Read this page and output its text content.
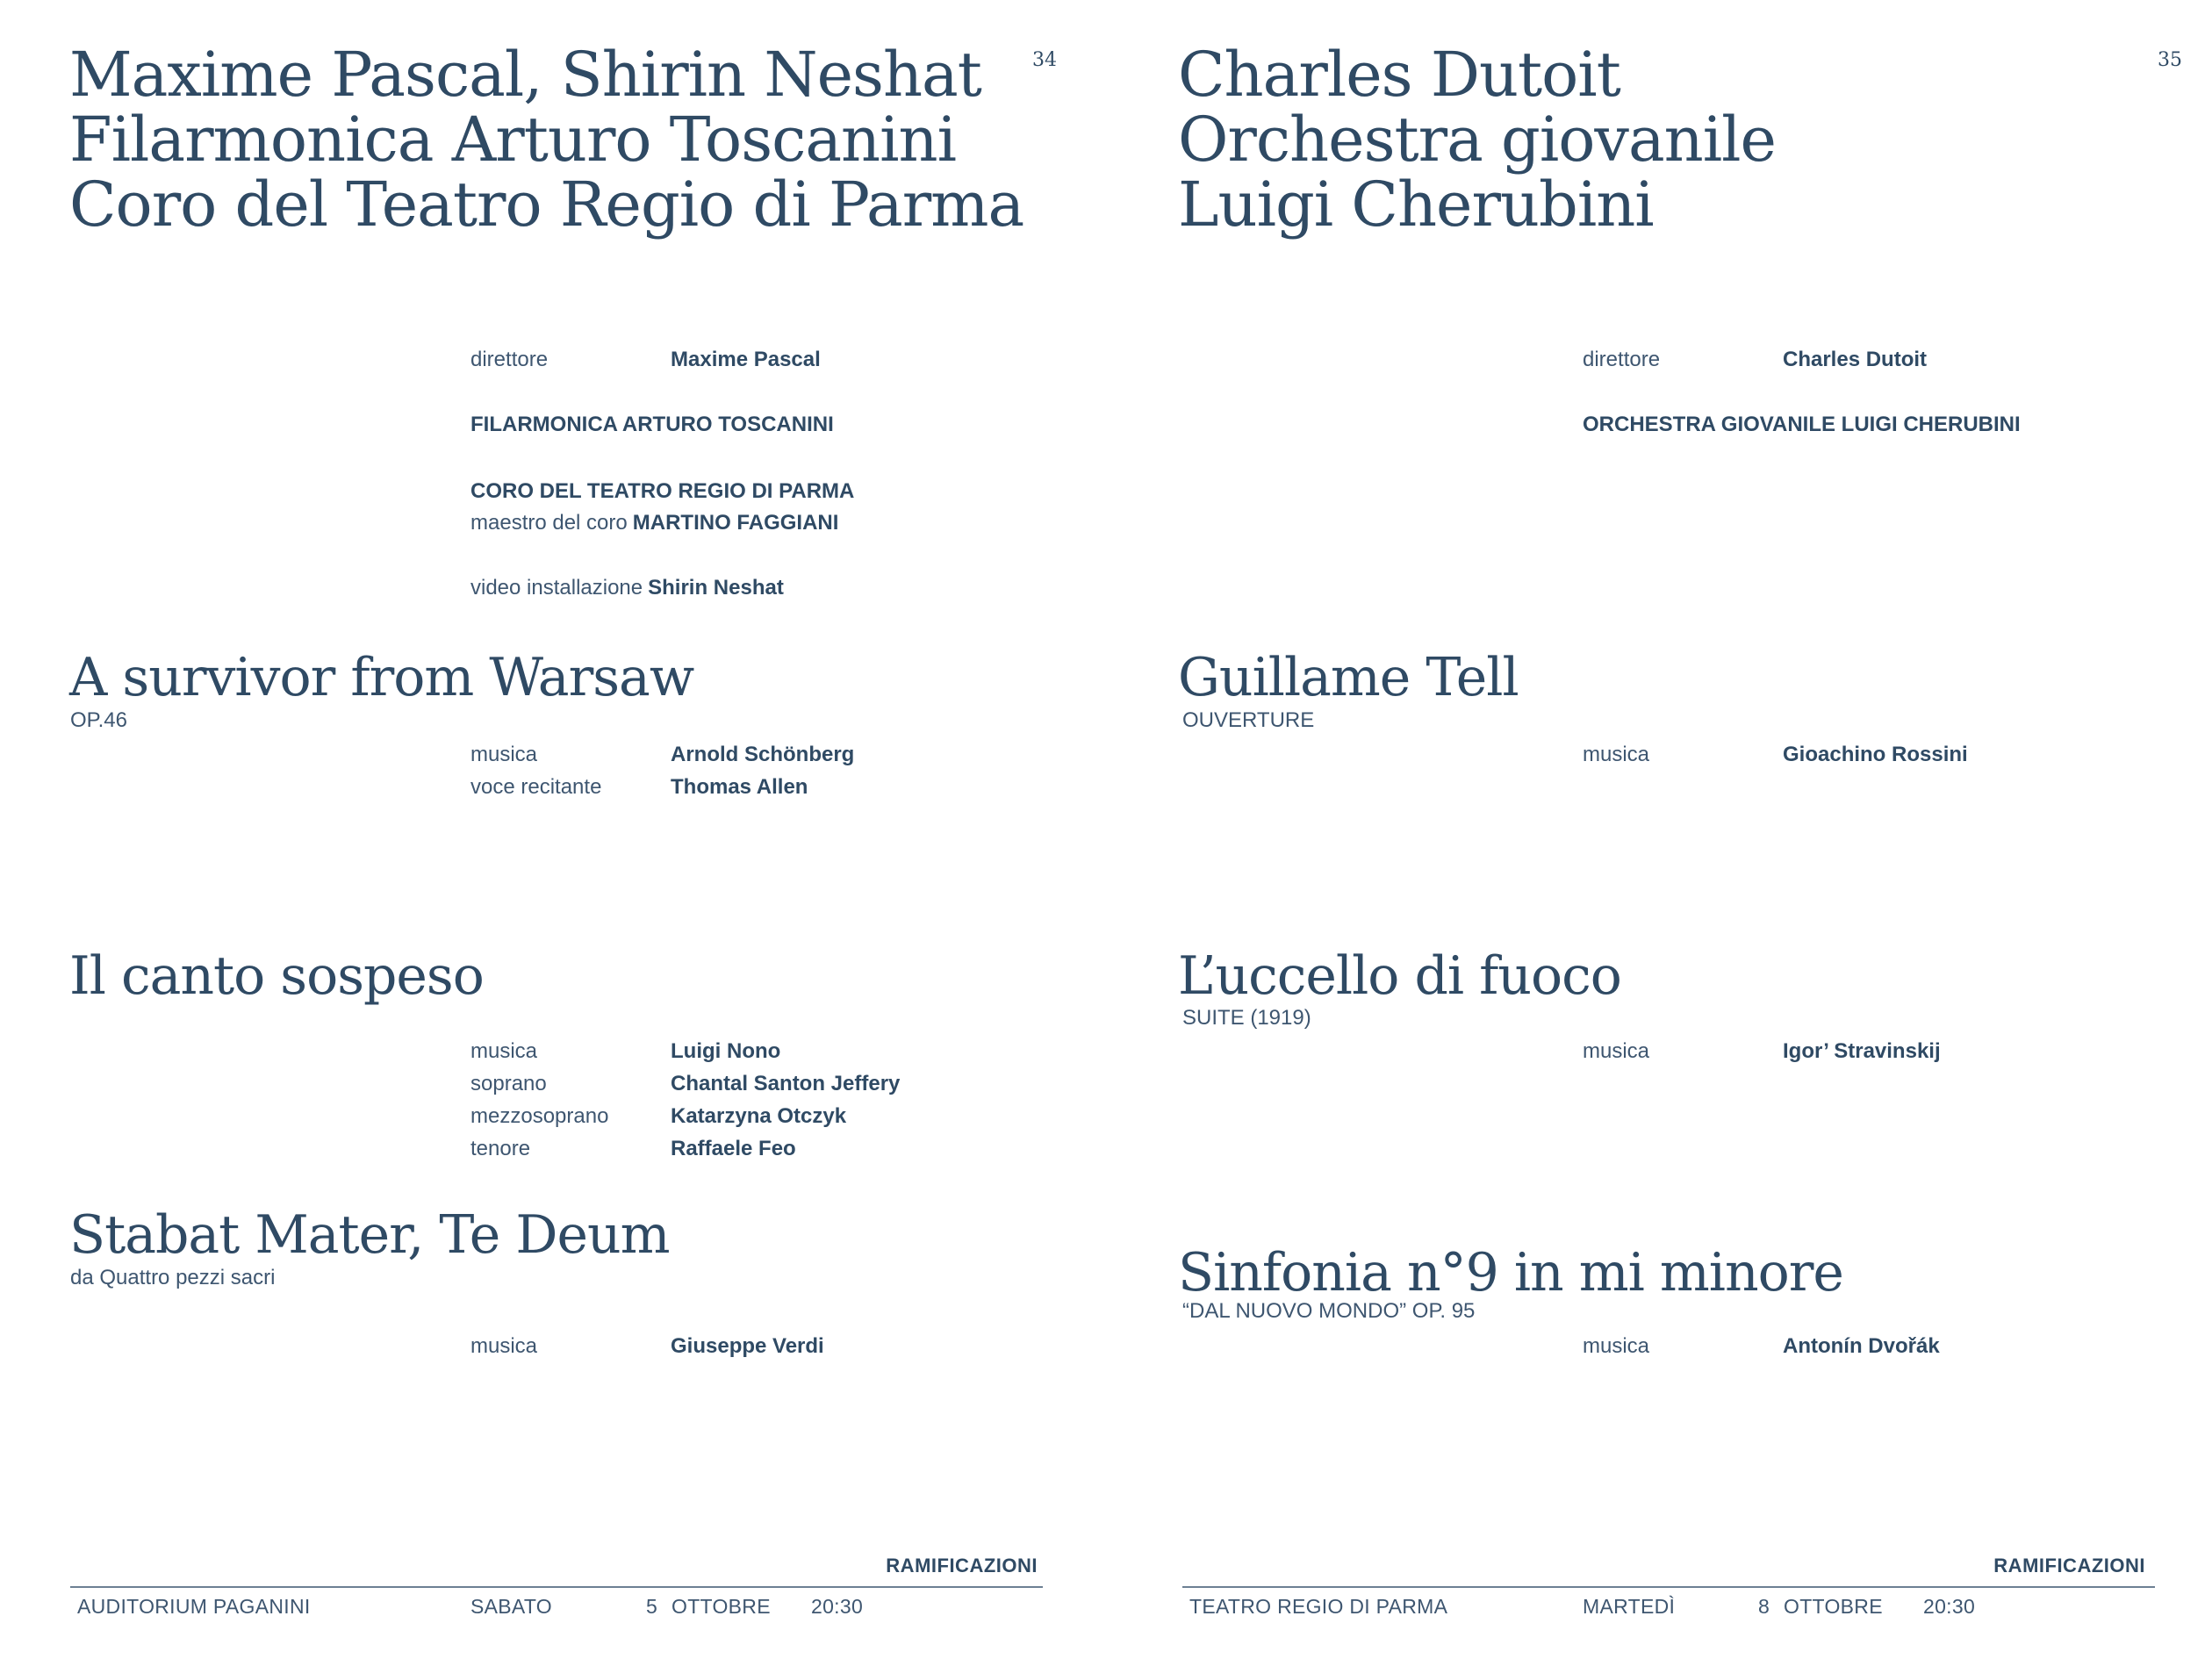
34
Maxime Pascal, Shirin Neshat
Filarmonica Arturo Toscanini
Coro del Teatro Regio di Parma
direttore	Maxime Pascal
FILARMONICA ARTURO TOSCANINI
CORO DEL TEATRO REGIO DI PARMA
maestro del coro MARTINO FAGGIANI
video installazione Shirin Neshat
A survivor from Warsaw
OP.46
musica	Arnold Schönberg
voce recitante	Thomas Allen
Il canto sospeso
musica	Luigi Nono
soprano	Chantal Santon Jeffery
mezzosoprano	Katarzyna Otczyk
tenore	Raffaele Feo
Stabat Mater, Te Deum
da Quattro pezzi sacri
musica	Giuseppe Verdi
RAMIFICAZIONI
AUDITORIUM PAGANINI	SABATO	5 OTTOBRE 20:30
35
Charles Dutoit
Orchestra giovanile
Luigi Cherubini
direttore	Charles Dutoit
ORCHESTRA GIOVANILE LUIGI CHERUBINI
Guillame Tell
OUVERTURE
musica	Gioachino Rossini
L’uccello di fuoco
SUITE (1919)
musica	Igor’ Stravinskij
Sinfonia n°9 in mi minore
“DAL NUOVO MONDO” OP. 95
musica	Antonín Dvořák
RAMIFICAZIONI
TEATRO REGIO DI PARMA	MARTEDÌ	8 OTTOBRE 20:30
